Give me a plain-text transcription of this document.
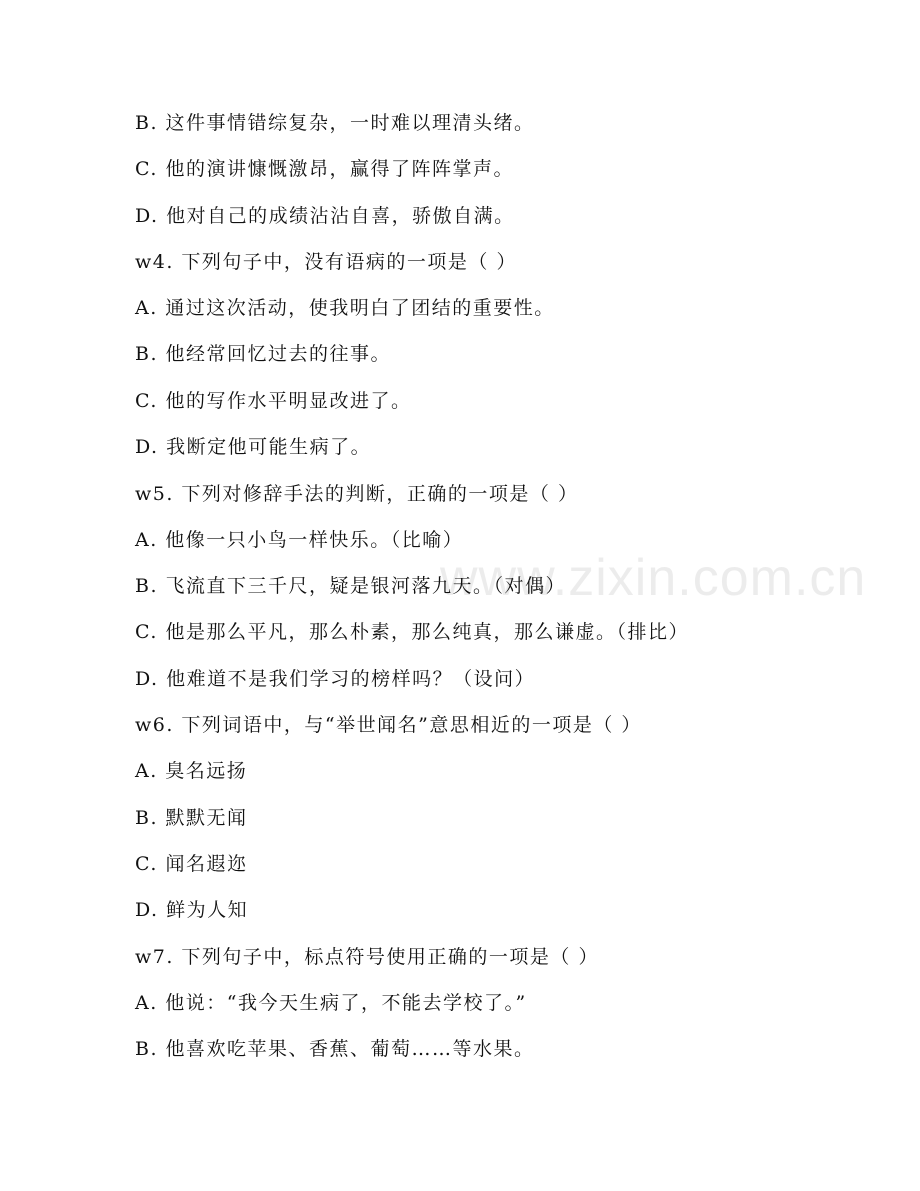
B. 这件事情错综复杂，一时难以理清头绪。
C. 他的演讲慷慨激昂，赢得了阵阵掌声。
D. 他对自己的成绩沾沾自喜，骄傲自满。
w4. 下列句子中，没有语病的一项是（ ）
A. 通过这次活动，使我明白了团结的重要性。
B. 他经常回忆过去的往事。
C. 他的写作水平明显改进了。
D. 我断定他可能生病了。
w5. 下列对修辞手法的判断，正确的一项是（ ）
A. 他像一只小鸟一样快乐。（比喻）
B. 飞流直下三千尺，疑是银河落九天。（对偶）
C. 他是那么平凡，那么朴素，那么纯真，那么谦虚。（排比）
D. 他难道不是我们学习的榜样吗？（设问）
w6. 下列词语中，与“举世闻名”意思相近的一项是（ ）
A. 臭名远扬
B. 默默无闻
C. 闻名遐迩
D. 鲜为人知
w7. 下列句子中，标点符号使用正确的一项是（ ）
A. 他说：“我今天生病了，不能去学校了。”
B. 他喜欢吃苹果、香蕉、葡萄……等水果。
www.zixin.com.cn
